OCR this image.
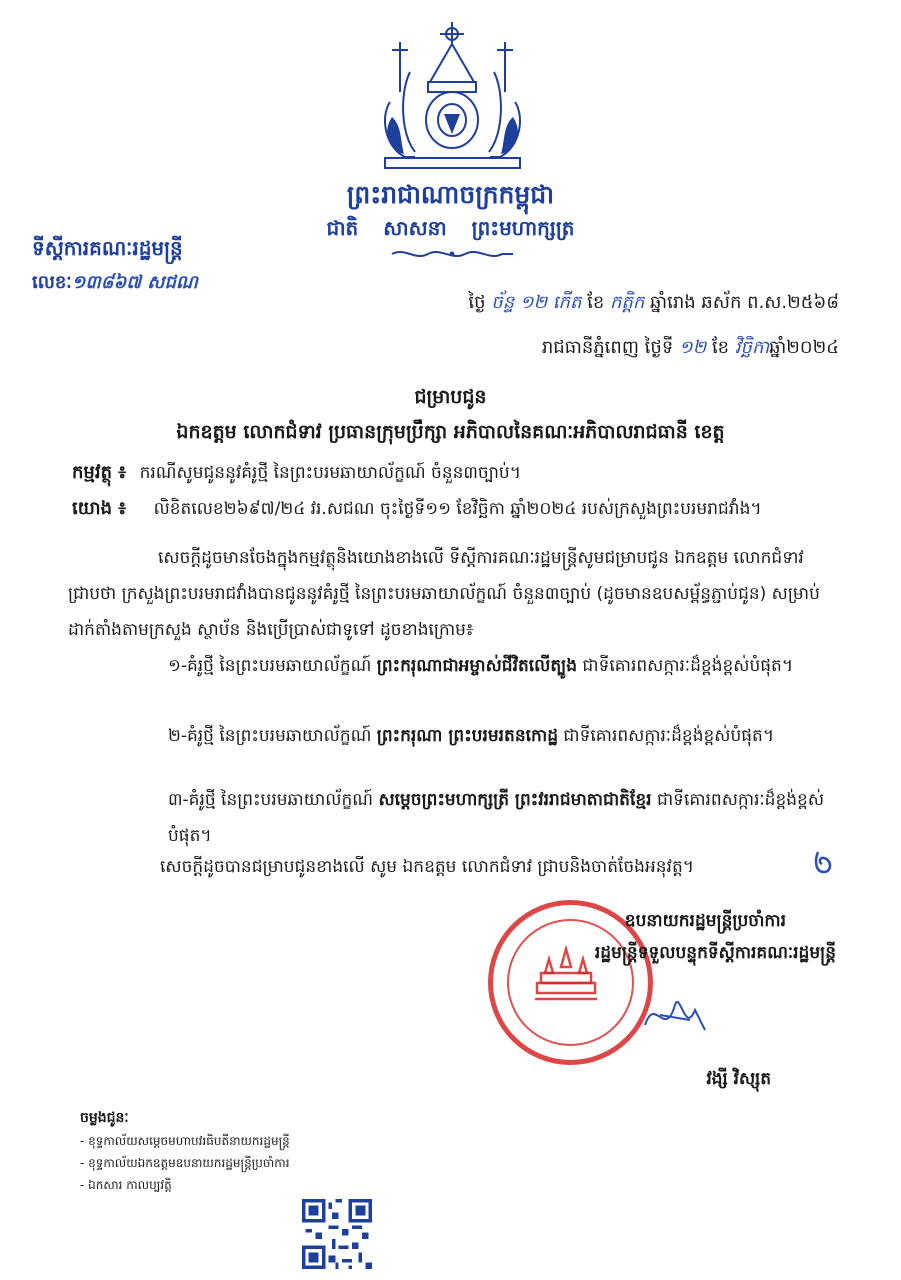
ព្រះរាជាណាចក្រកម្ពុជា
ជាតិ សាសនា ព្រះមហាក្សត្រ
ទីស្ដីការគណៈរដ្ឋមន្ត្រី
លេខៈ១៣៨៦៧ សជណ
ថ្ងៃ ច័ន្ទ ១២ កើត ខែ កត្តិក ឆ្នាំរោង ឆស័ក ព.ស.២៥៦៨
រាជធានីភ្នំពេញ ថ្ងៃទី ១២ ខែ វិច្ឆិកាឆ្នាំ២០២៤
ជម្រាបជូន
ឯកឧត្ដម លោកជំទាវ ប្រធានក្រុមប្រឹក្សា អភិបាលនៃគណៈអភិបាលរាជធានី ខេត្ត
កម្មវត្ថុ ៖ ករណីសូមជូននូវគំរូថ្មី នៃព្រះបរមឆាយាល័ក្ខណ៍ ចំនួន៣ច្បាប់។
យោង ៖ លិខិតលេខ២៦៩៧/២៤ វរ.សជណ ចុះថ្ងៃទី១១ ខែវិច្ឆិកា ឆ្នាំ២០២៤ របស់ក្រសួងព្រះបរមរាជវាំង។
សេចក្ដីដូចមានចែងក្នុងកម្មវត្ថុនិងយោងខាងលើ ទីស្ដីការគណៈរដ្ឋមន្ត្រីសូមជម្រាបជូន ឯកឧត្ដម លោកជំទាវ ជ្រាបថា ក្រសួងព្រះបរមរាជវាំងបានជូននូវគំរូថ្មី នៃព្រះបរមឆាយាល័ក្ខណ៍ ចំនួន៣ច្បាប់ (ដូចមានឧបសម្ព័ន្ធភ្ជាប់ជូន) សម្រាប់ដាក់តាំងតាមក្រសួង ស្ថាប័ន និងប្រើប្រាស់ជាទូទៅ ដូចខាងក្រោម៖
១-គំរូថ្មី នៃព្រះបរមឆាយាល័ក្ខណ៍ ព្រះករុណាជាអម្ចាស់ជីវិតលើត្បូង ជាទីគោរពសក្ការៈដ៏ខ្ពង់ខ្ពស់បំផុត។
២-គំរូថ្មី នៃព្រះបរមឆាយាល័ក្ខណ៍ ព្រះករុណា ព្រះបរមរតនកោដ្ឋ ជាទីគោរពសក្ការៈដ៏ខ្ពង់ខ្ពស់បំផុត។
៣-គំរូថ្មី នៃព្រះបរមឆាយាល័ក្ខណ៍ សម្ដេចព្រះមហាក្សត្រី ព្រះវររាជមាតាជាតិខ្មែរ ជាទីគោរពសក្ការៈដ៏ខ្ពង់ខ្ពស់បំផុត។
សេចក្ដីដូចបានជម្រាបជូនខាងលើ សូម ឯកឧត្ដម លោកជំទាវ ជ្រាបនិងចាត់ចែងអនុវត្ត។
ឧបនាយករដ្ឋមន្ត្រីប្រចាំការ
រដ្ឋមន្ត្រីទទួលបន្ទុកទីស្ដីការគណៈរដ្ឋមន្ត្រី
វង្សី វិស្សុត
ចម្លងជូនៈ
- ខុទ្ទកាល័យសម្ដេចមហាបវរធិបតីនាយករដ្ឋមន្ត្រី
- ខុទ្ទកាល័យឯកឧត្ដមឧបនាយករដ្ឋមន្ត្រីប្រចាំការ
- ឯកសារ កាលប្បវត្តិ
